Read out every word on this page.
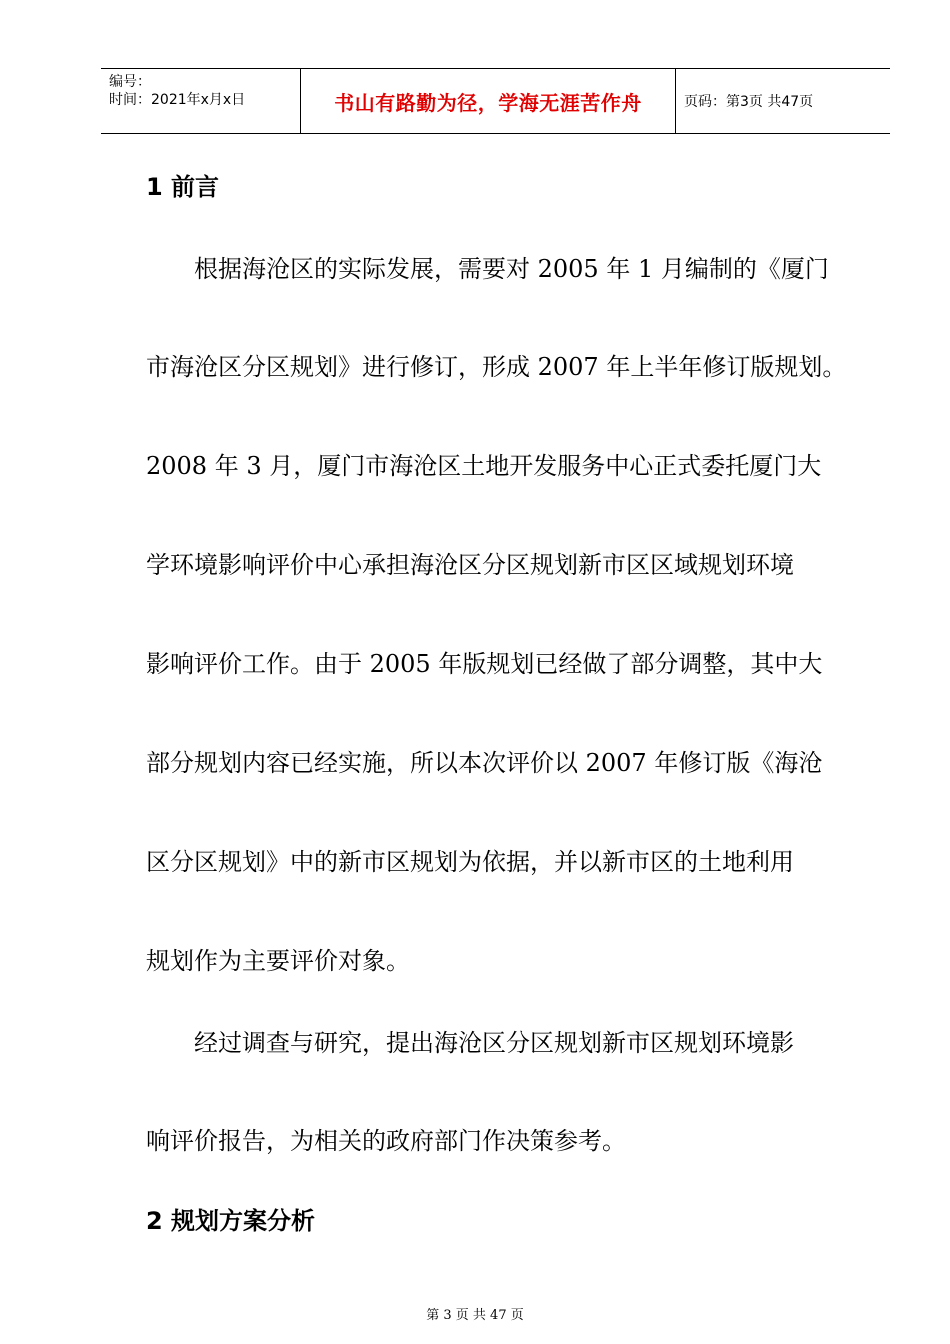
编号：
时间：2021年x月x日	书山有路勤为径，学海无涯苦作舟	页码：第3页 共47页
1 前言
根据海沧区的实际发展，需要对 2005 年 1 月编制的《厦门
市海沧区分区规划》进行修订，形成 2007 年上半年修订版规划。
2008 年 3 月，厦门市海沧区土地开发服务中心正式委托厦门大
学环境影响评价中心承担海沧区分区规划新市区区域规划环境
影响评价工作。由于 2005 年版规划已经做了部分调整，其中大
部分规划内容已经实施，所以本次评价以 2007 年修订版《海沧
区分区规划》中的新市区规划为依据，并以新市区的土地利用
规划作为主要评价对象。
经过调查与研究，提出海沧区分区规划新市区规划环境影
响评价报告，为相关的政府部门作决策参考。
2 规划方案分析
第 3 页 共 47 页
